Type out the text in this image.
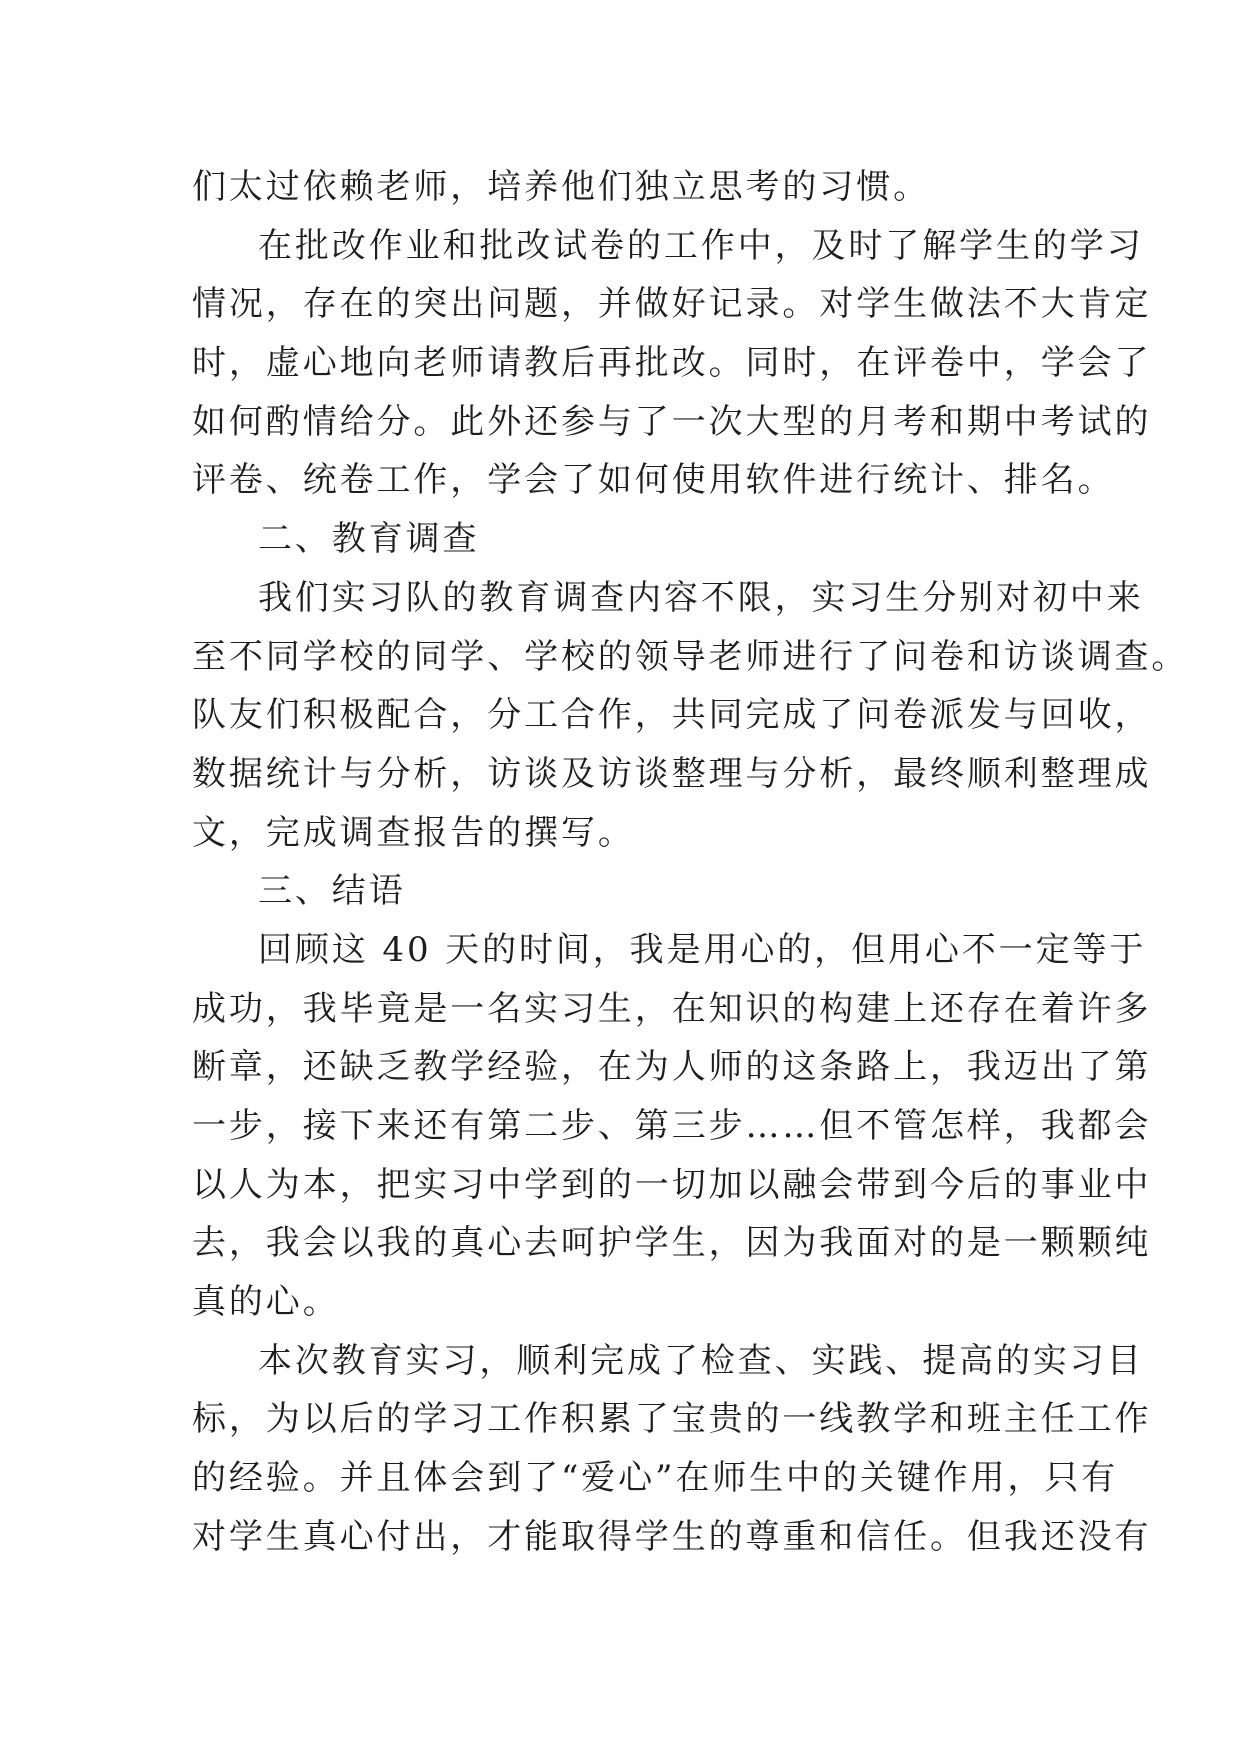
们太过依赖老师，培养他们独立思考的习惯。
在批改作业和批改试卷的工作中，及时了解学生的学习
情况，存在的突出问题，并做好记录。对学生做法不大肯定
时，虚心地向老师请教后再批改。同时，在评卷中，学会了
如何酌情给分。此外还参与了一次大型的月考和期中考试的
评卷、统卷工作，学会了如何使用软件进行统计、排名。
二、教育调查
我们实习队的教育调查内容不限，实习生分别对初中来
至不同学校的同学、学校的领导老师进行了问卷和访谈调查。
队友们积极配合，分工合作，共同完成了问卷派发与回收，
数据统计与分析，访谈及访谈整理与分析，最终顺利整理成
文，完成调查报告的撰写。
三、结语
回顾这 40 天的时间，我是用心的，但用心不一定等于
成功，我毕竟是一名实习生，在知识的构建上还存在着许多
断章，还缺乏教学经验，在为人师的这条路上，我迈出了第
一步，接下来还有第二步、第三步……但不管怎样，我都会
以人为本，把实习中学到的一切加以融会带到今后的事业中
去，我会以我的真心去呵护学生，因为我面对的是一颗颗纯
真的心。
本次教育实习，顺利完成了检查、实践、提高的实习目
标，为以后的学习工作积累了宝贵的一线教学和班主任工作
的经验。并且体会到了“爱心”在师生中的关键作用，只有
对学生真心付出，才能取得学生的尊重和信任。但我还没有
